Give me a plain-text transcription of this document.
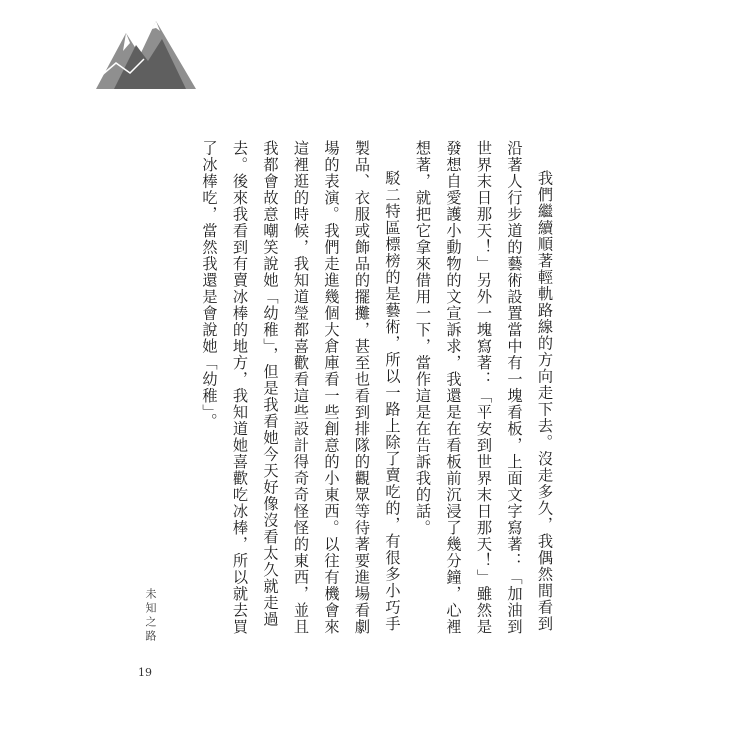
我們繼續順著輕軌路線的方向走下去。沒走多久，我偶然間看到沿著人行步道的藝術設置當中有一塊看板，上面文字寫著：「加油到世界末日那天！」另外一塊寫著：「平安到世界末日那天！」雖然是發想自愛護小動物的文宣訴求，我還是在看板前沉浸了幾分鐘，心裡想著，就把它拿來借用一下，當作這是在告訴我的話。

駁二特區標榜的是藝術，所以一路上除了賣吃的，有很多小巧手製品、衣服或飾品的擺攤，甚至也看到排隊的觀眾等待著要進場看劇場的表演。我們走進幾個大倉庫看一些創意的小東西。以往有機會來這裡逛的時候，我知道瑩都喜歡看這些設計得奇奇怪怪的東西，並且我都會故意嘲笑說她「幼稚」，但是我看她今天好像沒看太久就走過去。後來我看到有賣冰棒的地方，我知道她喜歡吃冰棒，所以就去買了冰棒吃，當然我還是會說她「幼稚」。

未知之路
19
